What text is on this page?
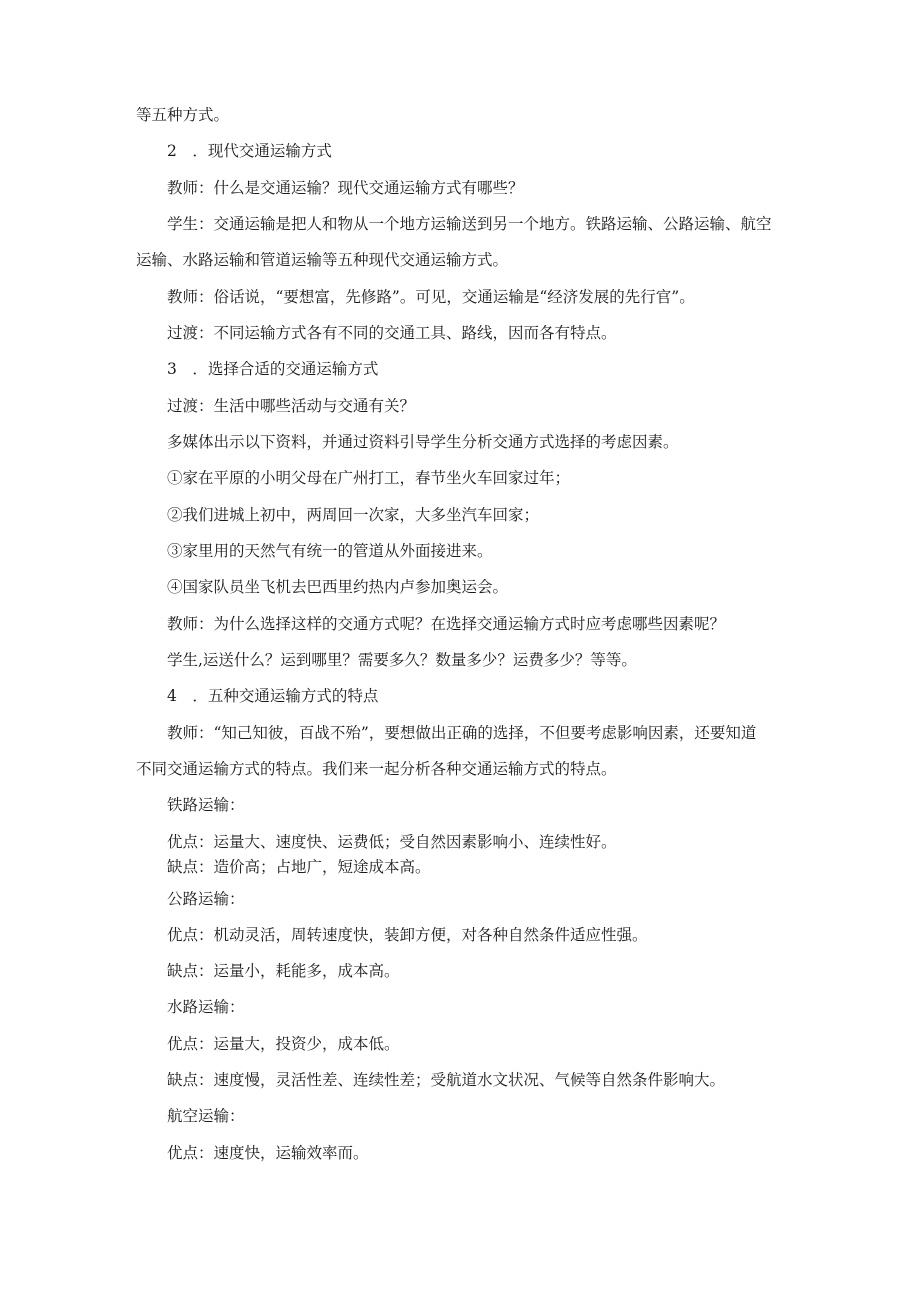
等五种方式。
2　．现代交通运输方式
教师：什么是交通运输？现代交通运输方式有哪些？
学生：交通运输是把人和物从一个地方运输送到另一个地方。铁路运输、公路运输、航空
运输、水路运输和管道运输等五种现代交通运输方式。
教师：俗话说，“要想富，先修路”。可见，交通运输是“经济发展的先行官”。
过渡：不同运输方式各有不同的交通工具、路线，因而各有特点。
3　．选择合适的交通运输方式
过渡：生活中哪些活动与交通有关？
多媒体出示以下资料，并通过资料引导学生分析交通方式选择的考虑因素。
①家在平原的小明父母在广州打工，春节坐火车回家过年；
②我们进城上初中，两周回一次家，大多坐汽车回家；
③家里用的天然气有统一的管道从外面接进来。
④国家队员坐飞机去巴西里约热内卢参加奥运会。
教师：为什么选择这样的交通方式呢？在选择交通运输方式时应考虑哪些因素呢？
学生,运送什么？运到哪里？需要多久？数量多少？运费多少？等等。
4　．五种交通运输方式的特点
教师：“知己知彼，百战不殆”，要想做出正确的选择，不但要考虑影响因素，还要知道
不同交通运输方式的特点。我们来一起分析各种交通运输方式的特点。
铁路运输：
优点：运量大、速度快、运费低；受自然因素影响小、连续性好。
缺点：造价高；占地广，短途成本高。
公路运输：
优点：机动灵活，周转速度快，装卸方便，对各种自然条件适应性强。
缺点：运量小，耗能多，成本高。
水路运输：
优点：运量大，投资少，成本低。
缺点：速度慢，灵活性差、连续性差；受航道水文状况、气候等自然条件影响大。
航空运输：
优点：速度快，运输效率而。
